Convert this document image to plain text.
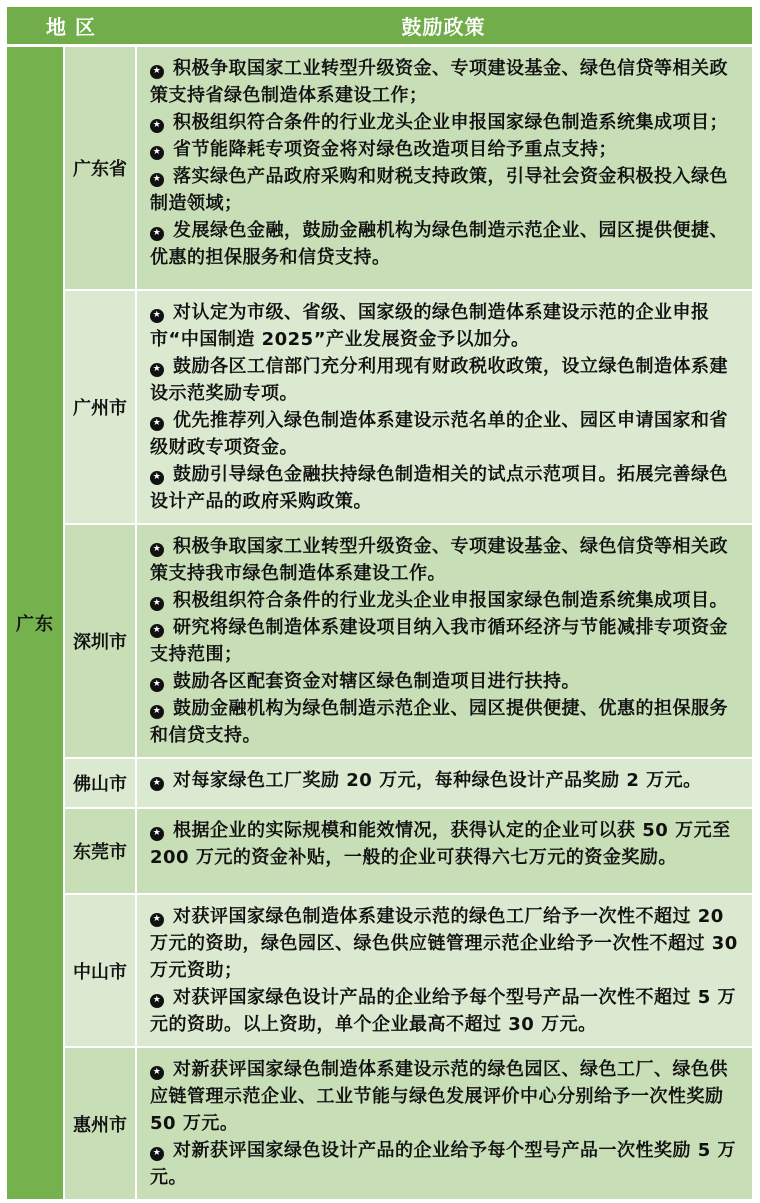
地 区	鼓励政策
广东
广东省

★ 积极争取国家工业转型升级资金、专项建设基金、绿色信贷等相关政策支持省绿色制造体系建设工作；

★ 积极组织符合条件的行业龙头企业申报国家绿色制造系统集成项目；

★ 省节能降耗专项资金将对绿色改造项目给予重点支持；

★ 落实绿色产品政府采购和财税支持政策，引导社会资金积极投入绿色制造领域；

★ 发展绿色金融，鼓励金融机构为绿色制造示范企业、园区提供便捷、优惠的担保服务和信贷支持。

广州市

★ 对认定为市级、省级、国家级的绿色制造体系建设示范的企业申报市“中国制造 2025”产业发展资金予以加分。

★ 鼓励各区工信部门充分利用现有财政税收政策，设立绿色制造体系建设示范奖励专项。

★ 优先推荐列入绿色制造体系建设示范名单的企业、园区申请国家和省级财政专项资金。

★ 鼓励引导绿色金融扶持绿色制造相关的试点示范项目。拓展完善绿色设计产品的政府采购政策。

深圳市

★ 积极争取国家工业转型升级资金、专项建设基金、绿色信贷等相关政策支持我市绿色制造体系建设工作。

★ 积极组织符合条件的行业龙头企业申报国家绿色制造系统集成项目。

★ 研究将绿色制造体系建设项目纳入我市循环经济与节能减排专项资金支持范围；

★ 鼓励各区配套资金对辖区绿色制造项目进行扶持。

★ 鼓励金融机构为绿色制造示范企业、园区提供便捷、优惠的担保服务和信贷支持。

佛山市	★ 对每家绿色工厂奖励 20 万元，每种绿色设计产品奖励 2 万元。

东莞市

★ 根据企业的实际规模和能效情况，获得认定的企业可以获 50 万元至 200 万元的资金补贴，一般的企业可获得六七万元的资金奖励。

中山市

★ 对获评国家绿色制造体系建设示范的绿色工厂给予一次性不超过 20 万元的资助，绿色园区、绿色供应链管理示范企业给予一次性不超过 30 万元资助；

★ 对获评国家绿色设计产品的企业给予每个型号产品一次性不超过 5 万元的资助。以上资助，单个企业最高不超过 30 万元。

惠州市

★ 对新获评国家绿色制造体系建设示范的绿色园区、绿色工厂、绿色供应链管理示范企业、工业节能与绿色发展评价中心分别给予一次性奖励 50 万元。

★ 对新获评国家绿色设计产品的企业给予每个型号产品一次性奖励 5 万元。
